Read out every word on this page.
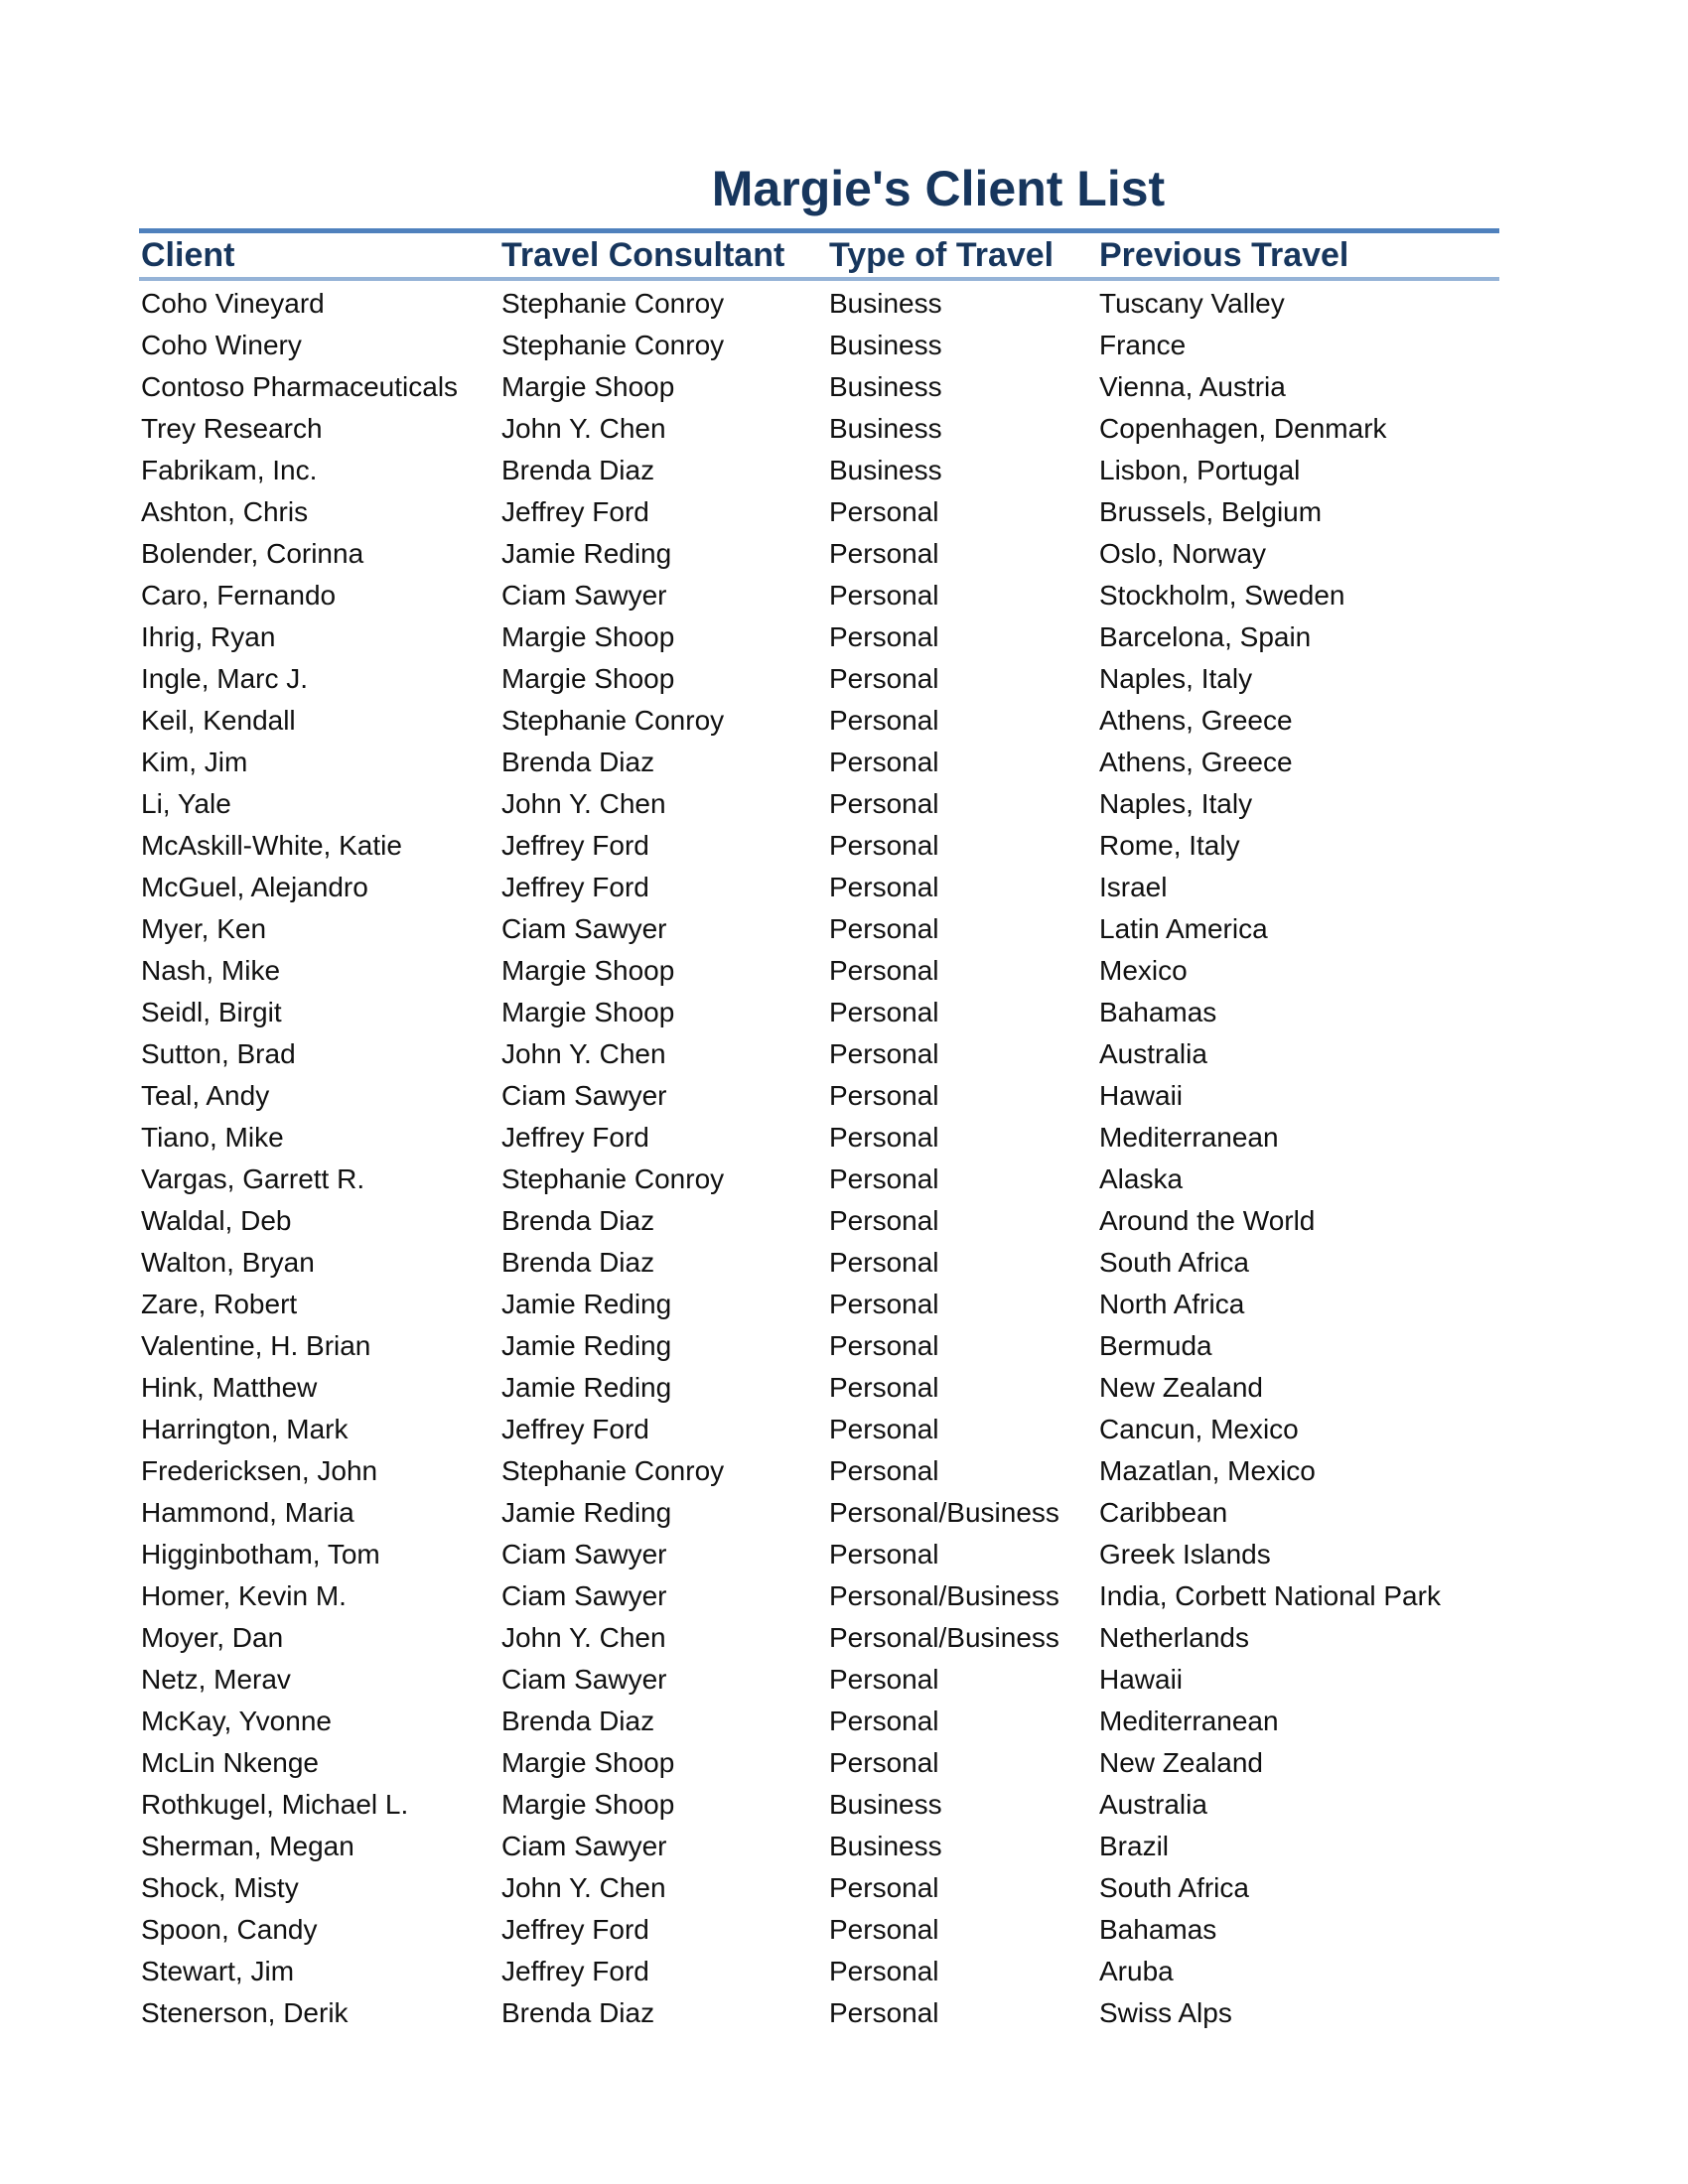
Margie's Client List
Client	Travel Consultant	Type of Travel	Previous Travel
Coho Vineyard	Stephanie Conroy	Business	Tuscany Valley
Coho Winery	Stephanie Conroy	Business	France
Contoso Pharmaceuticals	Margie Shoop	Business	Vienna, Austria
Trey Research	John Y. Chen	Business	Copenhagen, Denmark
Fabrikam, Inc.	Brenda Diaz	Business	Lisbon, Portugal
Ashton, Chris	Jeffrey Ford	Personal	Brussels, Belgium
Bolender, Corinna	Jamie Reding	Personal	Oslo, Norway
Caro, Fernando	Ciam Sawyer	Personal	Stockholm, Sweden
Ihrig, Ryan	Margie Shoop	Personal	Barcelona, Spain
Ingle, Marc J.	Margie Shoop	Personal	Naples, Italy
Keil, Kendall	Stephanie Conroy	Personal	Athens, Greece
Kim, Jim	Brenda Diaz	Personal	Athens, Greece
Li, Yale	John Y. Chen	Personal	Naples, Italy
McAskill-White, Katie	Jeffrey Ford	Personal	Rome, Italy
McGuel, Alejandro	Jeffrey Ford	Personal	Israel
Myer, Ken	Ciam Sawyer	Personal	Latin America
Nash, Mike	Margie Shoop	Personal	Mexico
Seidl, Birgit	Margie Shoop	Personal	Bahamas
Sutton, Brad	John Y. Chen	Personal	Australia
Teal, Andy	Ciam Sawyer	Personal	Hawaii
Tiano, Mike	Jeffrey Ford	Personal	Mediterranean
Vargas, Garrett R.	Stephanie Conroy	Personal	Alaska
Waldal, Deb	Brenda Diaz	Personal	Around the World
Walton, Bryan	Brenda Diaz	Personal	South Africa
Zare, Robert	Jamie Reding	Personal	North Africa
Valentine, H. Brian	Jamie Reding	Personal	Bermuda
Hink, Matthew	Jamie Reding	Personal	New Zealand
Harrington, Mark	Jeffrey Ford	Personal	Cancun, Mexico
Fredericksen, John	Stephanie Conroy	Personal	Mazatlan, Mexico
Hammond, Maria	Jamie Reding	Personal/Business	Caribbean
Higginbotham, Tom	Ciam Sawyer	Personal	Greek Islands
Homer, Kevin M.	Ciam Sawyer	Personal/Business	India, Corbett National Park
Moyer, Dan	John Y. Chen	Personal/Business	Netherlands
Netz, Merav	Ciam Sawyer	Personal	Hawaii
McKay, Yvonne	Brenda Diaz	Personal	Mediterranean
McLin Nkenge	Margie Shoop	Personal	New Zealand
Rothkugel, Michael L.	Margie Shoop	Business	Australia
Sherman, Megan	Ciam Sawyer	Business	Brazil
Shock, Misty	John Y. Chen	Personal	South Africa
Spoon, Candy	Jeffrey Ford	Personal	Bahamas
Stewart, Jim	Jeffrey Ford	Personal	Aruba
Stenerson, Derik	Brenda Diaz	Personal	Swiss Alps
